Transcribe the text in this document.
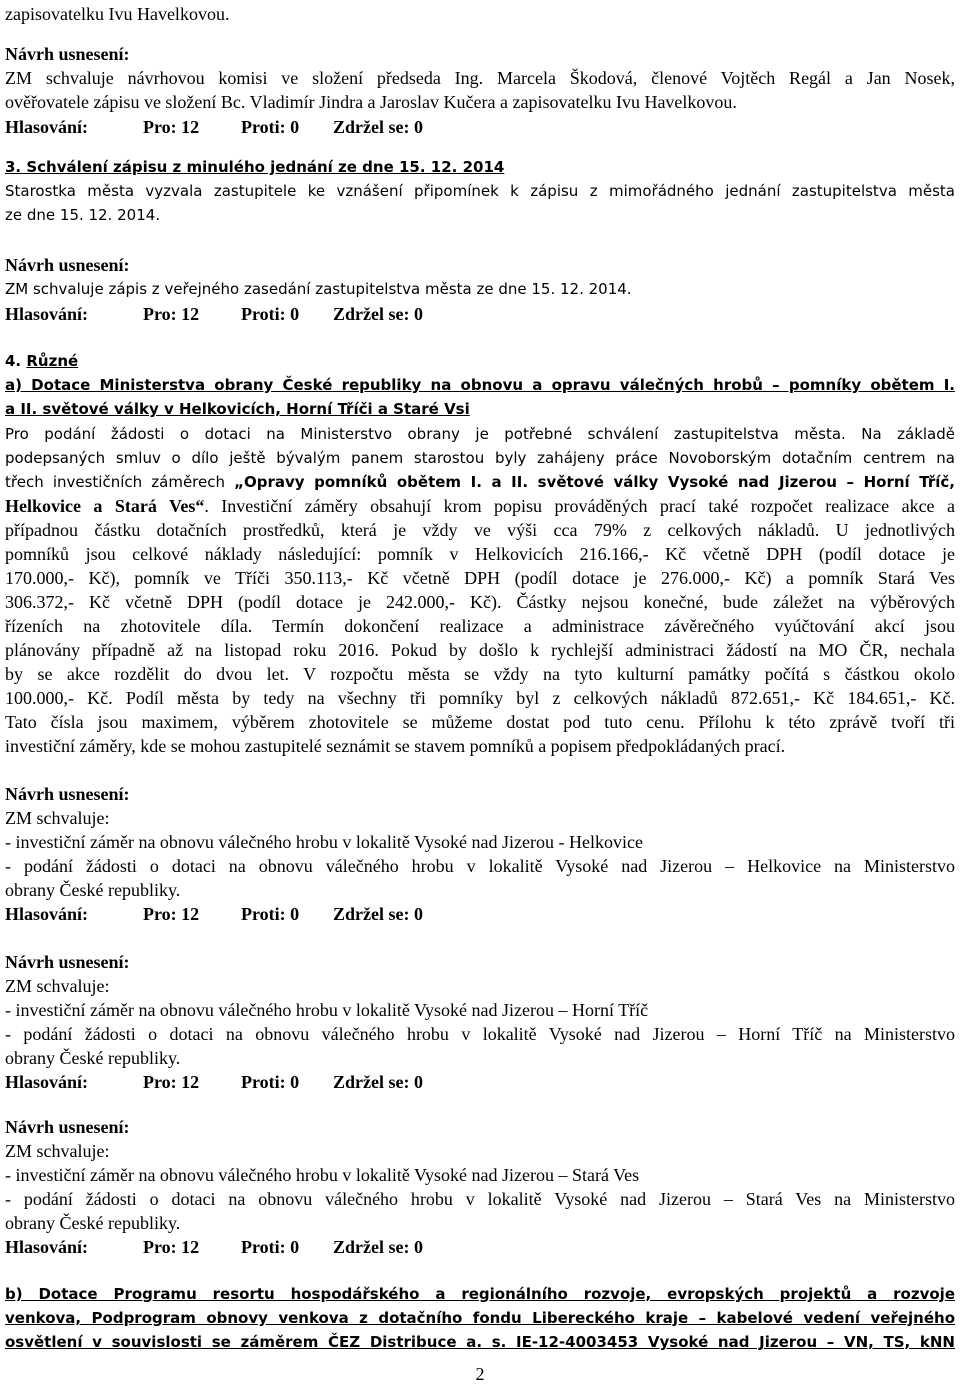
zapisovatelku Ivu Havelkovou.
Návrh usnesení:
ZM schvaluje návrhovou komisi ve složení předseda Ing. Marcela Škodová, členové Vojtěch Regál a Jan Nosek,
ověřovatele zápisu ve složení Bc. Vladimír Jindra a Jaroslav Kučera a zapisovatelku Ivu Havelkovou.
Hlasování:	Pro: 12 Proti: 0 Zdržel se: 0
3. Schválení zápisu z minulého jednání ze dne 15. 12. 2014
Starostka města vyzvala zastupitele ke vznášení připomínek k zápisu z mimořádného jednání zastupitelstva města
ze dne 15. 12. 2014.
Návrh usnesení:
ZM schvaluje zápis z veřejného zasedání zastupitelstva města ze dne 15. 12. 2014.
Hlasování:	Pro: 12 Proti: 0 Zdržel se: 0
4. Různé
a) Dotace Ministerstva obrany České republiky na obnovu a opravu válečných hrobů – pomníky obětem I.
a II. světové války v Helkovicích, Horní Tříči a Staré Vsi
Pro podání žádosti o dotaci na Ministerstvo obrany je potřebné schválení zastupitelstva města. Na základě
podepsaných smluv o dílo ještě bývalým panem starostou byly zahájeny práce Novoborským dotačním centrem na
třech investičních záměrech „Opravy pomníků obětem I. a II. světové války Vysoké nad Jizerou – Horní Tříč,
Helkovice a Stará Ves“. Investiční záměry obsahují krom popisu prováděných prací také rozpočet realizace akce a
případnou částku dotačních prostředků, která je vždy ve výši cca 79% z celkových nákladů. U jednotlivých
pomníků jsou celkové náklady následující: pomník v Helkovicích 216.166,- Kč včetně DPH (podíl dotace je
170.000,- Kč), pomník ve Tříči 350.113,- Kč včetně DPH (podíl dotace je 276.000,- Kč) a pomník Stará Ves
306.372,- Kč včetně DPH (podíl dotace je 242.000,- Kč). Částky nejsou konečné, bude záležet na výběrových
řízeních na zhotovitele díla. Termín dokončení realizace a administrace závěrečného vyúčtování akcí jsou
plánovány případně až na listopad roku 2016. Pokud by došlo k rychlejší administraci žádostí na MO ČR, nechala
by se akce rozdělit do dvou let. V rozpočtu města se vždy na tyto kulturní památky počítá s částkou okolo
100.000,- Kč. Podíl města by tedy na všechny tři pomníky byl z celkových nákladů 872.651,- Kč 184.651,- Kč.
Tato čísla jsou maximem, výběrem zhotovitele se můžeme dostat pod tuto cenu. Přílohu k této zprávě tvoří tři
investiční záměry, kde se mohou zastupitelé seznámit se stavem pomníků a popisem předpokládaných prací.
Návrh usnesení:
ZM schvaluje:
- investiční záměr na obnovu válečného hrobu v lokalitě Vysoké nad Jizerou - Helkovice
- podání žádosti o dotaci na obnovu válečného hrobu v lokalitě Vysoké nad Jizerou – Helkovice na Ministerstvo
obrany České republiky.
Hlasování:	Pro: 12 Proti: 0 Zdržel se: 0
Návrh usnesení:
ZM schvaluje:
- investiční záměr na obnovu válečného hrobu v lokalitě Vysoké nad Jizerou – Horní Tříč
- podání žádosti o dotaci na obnovu válečného hrobu v lokalitě Vysoké nad Jizerou – Horní Tříč na Ministerstvo
obrany České republiky.
Hlasování:	Pro: 12 Proti: 0 Zdržel se: 0
Návrh usnesení:
ZM schvaluje:
- investiční záměr na obnovu válečného hrobu v lokalitě Vysoké nad Jizerou – Stará Ves
- podání žádosti o dotaci na obnovu válečného hrobu v lokalitě Vysoké nad Jizerou – Stará Ves na Ministerstvo
obrany České republiky.
Hlasování:	Pro: 12 Proti: 0 Zdržel se: 0
b) Dotace Programu resortu hospodářského a regionálního rozvoje, evropských projektů a rozvoje
venkova, Podprogram obnovy venkova z dotačního fondu Libereckého kraje – kabelové vedení veřejného
osvětlení v souvislosti se záměrem ČEZ Distribuce a. s. IE-12-4003453 Vysoké nad Jizerou – VN, TS, kNN
2
